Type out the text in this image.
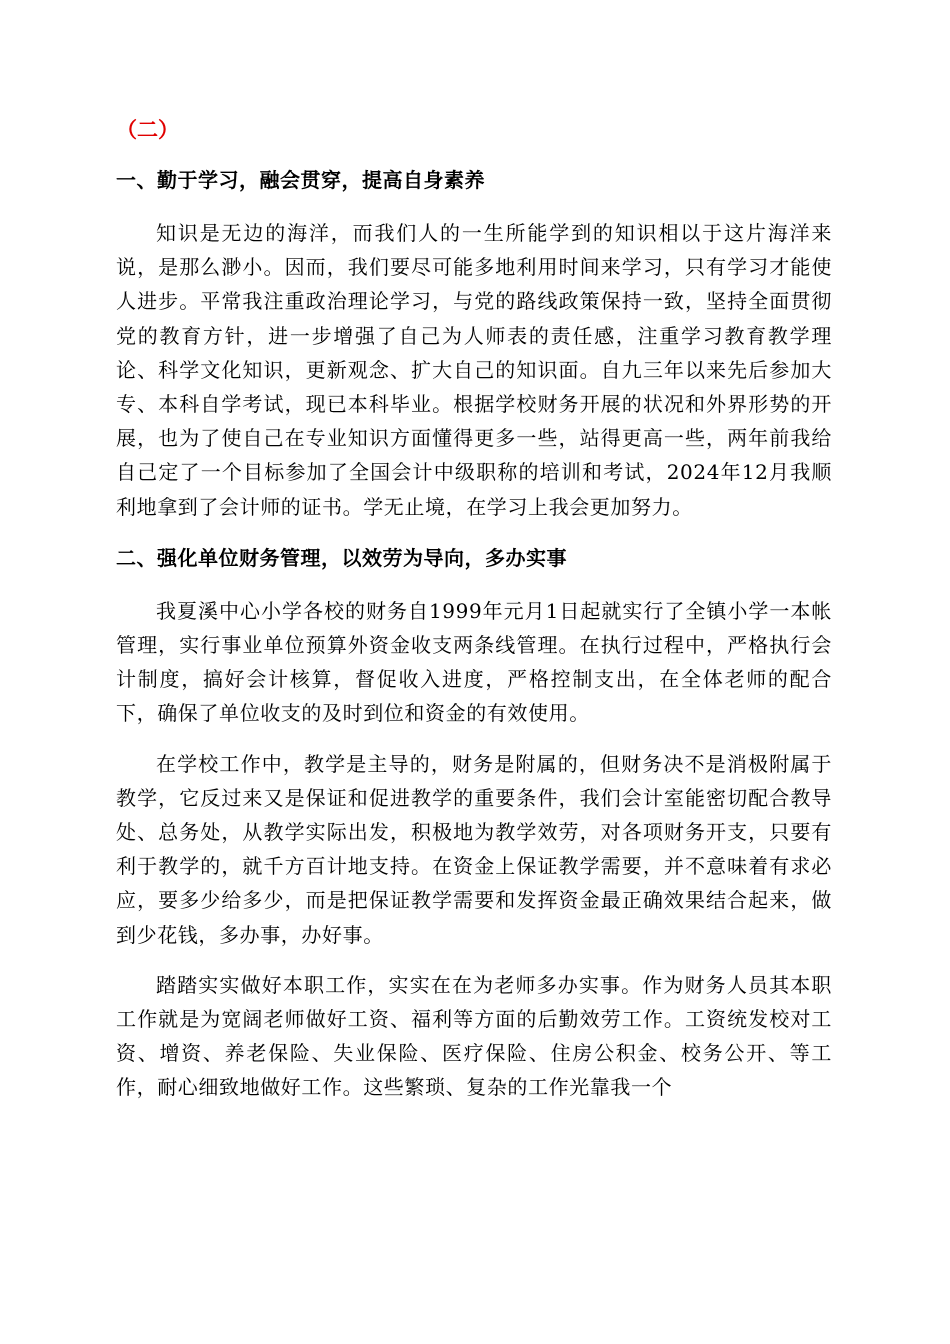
（二）
一、勤于学习，融会贯穿，提高自身素养

知识是无边的海洋，而我们人的一生所能学到的知识相以于这片海洋来说，是那么渺小。因而，我们要尽可能多地利用时间来学习，只有学习才能使人进步。平常我注重政治理论学习，与党的路线政策保持一致，坚持全面贯彻党的教育方针，进一步增强了自己为人师表的责任感，注重学习教育教学理论、科学文化知识，更新观念、扩大自己的知识面。自九三年以来先后参加大专、本科自学考试，现已本科毕业。根据学校财务开展的状况和外界形势的开展，也为了使自己在专业知识方面懂得更多一些，站得更高一些，两年前我给自己定了一个目标参加了全国会计中级职称的培训和考试，2024年12月我顺利地拿到了会计师的证书。学无止境，在学习上我会更加努力。

二、强化单位财务管理，以效劳为导向，多办实事

我夏溪中心小学各校的财务自1999年元月1日起就实行了全镇小学一本帐管理，实行事业单位预算外资金收支两条线管理。在执行过程中，严格执行会计制度，搞好会计核算，督促收入进度，严格控制支出，在全体老师的配合下，确保了单位收支的及时到位和资金的有效使用。

在学校工作中，教学是主导的，财务是附属的，但财务决不是消极附属于教学，它反过来又是保证和促进教学的重要条件，我们会计室能密切配合教导处、总务处，从教学实际出发，积极地为教学效劳，对各项财务开支，只要有利于教学的，就千方百计地支持。在资金上保证教学需要，并不意味着有求必应，要多少给多少，而是把保证教学需要和发挥资金最正确效果结合起来，做到少花钱，多办事，办好事。

踏踏实实做好本职工作，实实在在为老师多办实事。作为财务人员其本职工作就是为宽阔老师做好工资、福利等方面的后勤效劳工作。工资统发校对工资、增资、养老保险、失业保险、医疗保险、住房公积金、校务公开、等工作，耐心细致地做好工作。这些繁琐、复杂的工作光靠我一个
